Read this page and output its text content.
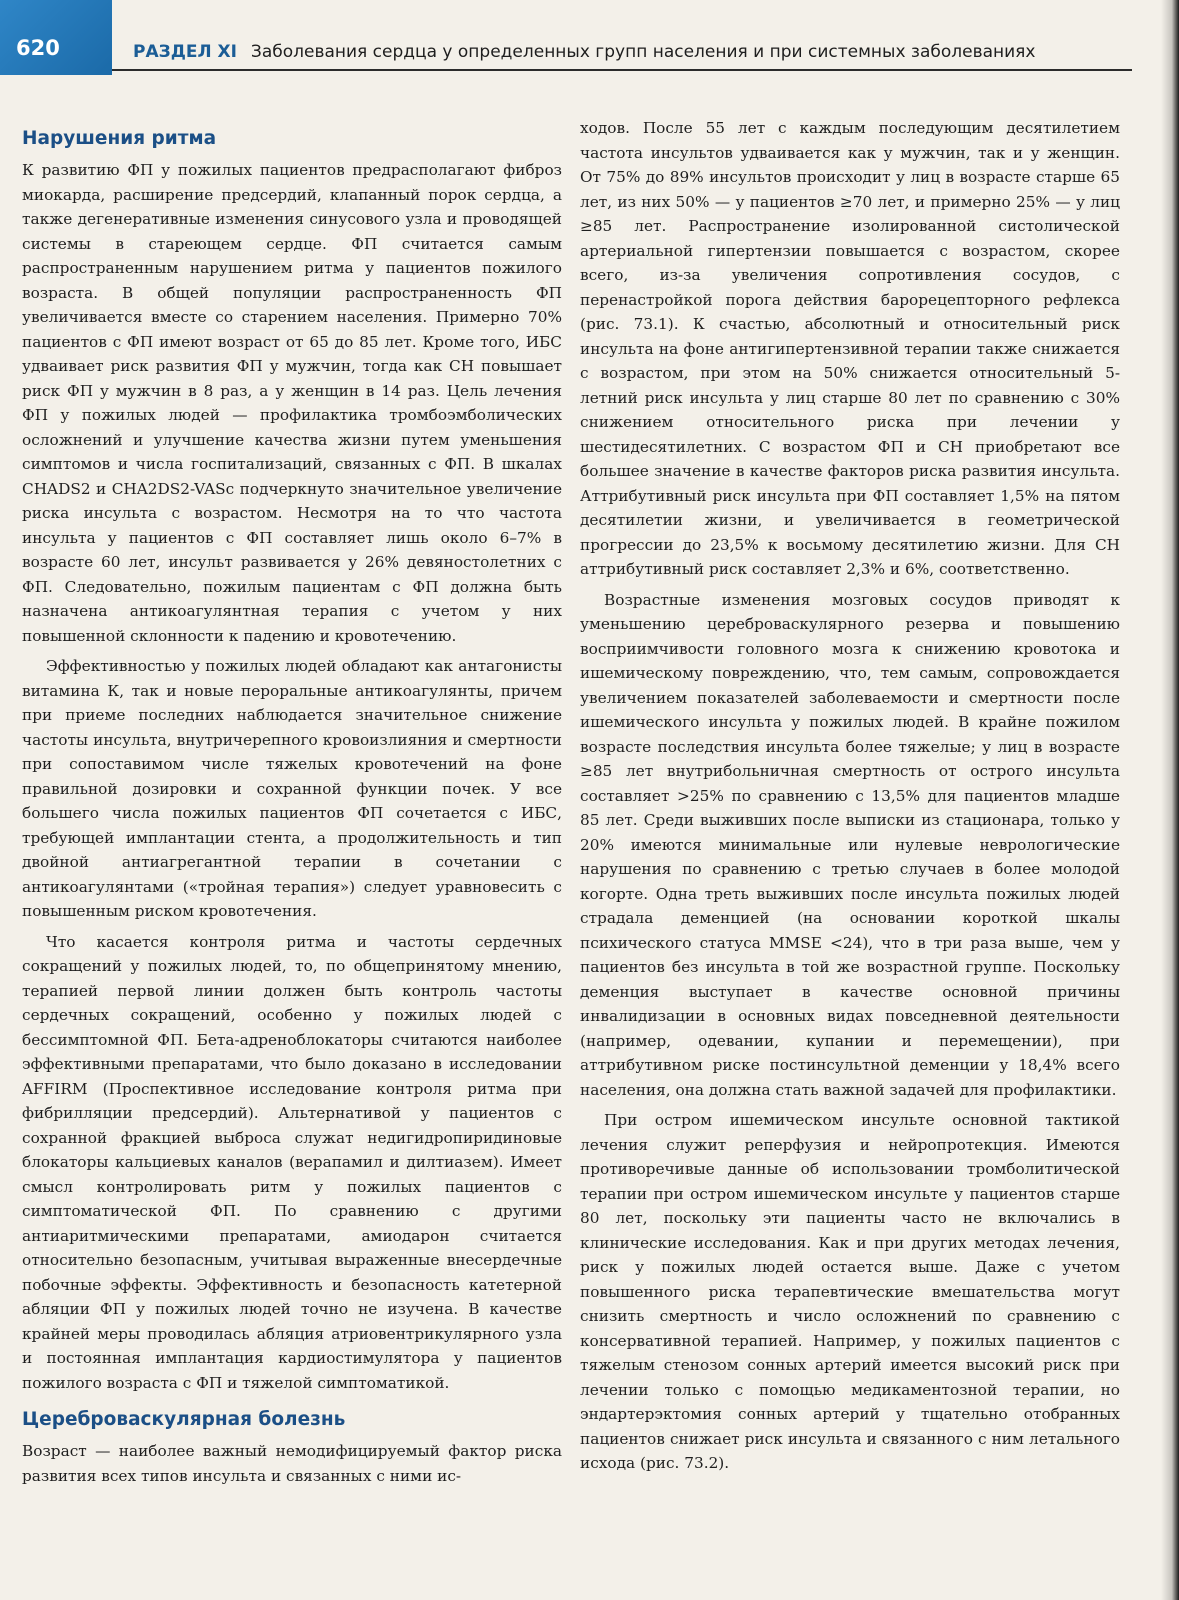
620	РАЗДЕЛ XI Заболевания сердца у определенных групп населения и при системных заболеваниях
Нарушения ритма

К развитию ФП у пожилых пациентов предрасполагают фиброз миокарда, расширение предсердий, клапанный порок сердца, а также дегенеративные изменения синусового узла и проводящей системы в стареющем сердце. ФП считается самым распространенным нарушением ритма у пациентов пожилого возраста. В общей популяции распространенность ФП увеличивается вместе со старением населения. Примерно 70% пациентов с ФП имеют возраст от 65 до 85 лет. Кроме того, ИБС удваивает риск развития ФП у мужчин, тогда как СН повышает риск ФП у мужчин в 8 раз, а у женщин в 14 раз. Цель лечения ФП у пожилых людей — профилактика тромбоэмболических осложнений и улучшение качества жизни путем уменьшения симптомов и числа госпитализаций, связанных с ФП. В шкалах CHADS2 и CHA2DS2-VASc подчеркнуто значительное увеличение риска инсульта с возрастом. Несмотря на то что частота инсульта у пациентов с ФП составляет лишь около 6–7% в возрасте 60 лет, инсульт развивается у 26% девяностолетних с ФП. Следовательно, пожилым пациентам с ФП должна быть назначена антикоагулянтная терапия с учетом у них повышенной склонности к падению и кровотечению.

Эффективностью у пожилых людей обладают как антагонисты витамина К, так и новые пероральные антикоагулянты, причем при приеме последних наблюдается значительное снижение частоты инсульта, внутричерепного кровоизлияния и смертности при сопоставимом числе тяжелых кровотечений на фоне правильной дозировки и сохранной функции почек. У все большего числа пожилых пациентов ФП сочетается с ИБС, требующей имплантации стента, а продолжительность и тип двойной антиагрегантной терапии в сочетании с антикоагулянтами («тройная терапия») следует уравновесить с повышенным риском кровотечения.

Что касается контроля ритма и частоты сердечных сокращений у пожилых людей, то, по общепринятому мнению, терапией первой линии должен быть контроль частоты сердечных сокращений, особенно у пожилых людей с бессимптомной ФП. Бета-адреноблокаторы считаются наиболее эффективными препаратами, что было доказано в исследовании AFFIRM (Проспективное исследование контроля ритма при фибрилляции предсердий). Альтернативой у пациентов с сохранной фракцией выброса служат недигидропиридиновые блокаторы кальциевых каналов (верапамил и дилтиазем). Имеет смысл контролировать ритм у пожилых пациентов с симптоматической ФП. По сравнению с другими антиаритмическими препаратами, амиодарон считается относительно безопасным, учитывая выраженные внесердечные побочные эффекты. Эффективность и безопасность катетерной абляции ФП у пожилых людей точно не изучена. В качестве крайней меры проводилась абляция атриовентрикулярного узла и постоянная имплантация кардиостимулятора у пациентов пожилого возраста с ФП и тяжелой симптоматикой.

Цереброваскулярная болезнь

Возраст — наиболее важный немодифицируемый фактор риска развития всех типов инсульта и связанных с ними ис-

ходов. После 55 лет с каждым последующим десятилетием частота инсультов удваивается как у мужчин, так и у женщин. От 75% до 89% инсультов происходит у лиц в возрасте старше 65 лет, из них 50% — у пациентов ≥70 лет, и примерно 25% — у лиц ≥85 лет. Распространение изолированной систолической артериальной гипертензии повышается с возрастом, скорее всего, из-за увеличения сопротивления сосудов, с перенастройкой порога действия барорецепторного рефлекса (рис. 73.1). К счастью, абсолютный и относительный риск инсульта на фоне антигипертензивной терапии также снижается с возрастом, при этом на 50% снижается относительный 5-летний риск инсульта у лиц старше 80 лет по сравнению с 30% снижением относительного риска при лечении у шестидесятилетних. С возрастом ФП и СН приобретают все большее значение в качестве факторов риска развития инсульта. Аттрибутивный риск инсульта при ФП составляет 1,5% на пятом десятилетии жизни, и увеличивается в геометрической прогрессии до 23,5% к восьмому десятилетию жизни. Для СН аттрибутивный риск составляет 2,3% и 6%, соответственно.

Возрастные изменения мозговых сосудов приводят к уменьшению цереброваскулярного резерва и повышению восприимчивости головного мозга к снижению кровотока и ишемическому повреждению, что, тем самым, сопровождается увеличением показателей заболеваемости и смертности после ишемического инсульта у пожилых людей. В крайне пожилом возрасте последствия инсульта более тяжелые; у лиц в возрасте ≥85 лет внутрибольничная смертность от острого инсульта составляет >25% по сравнению с 13,5% для пациентов младше 85 лет. Среди выживших после выписки из стационара, только у 20% имеются минимальные или нулевые неврологические нарушения по сравнению с третью случаев в более молодой когорте. Одна треть выживших после инсульта пожилых людей страдала деменцией (на основании короткой шкалы психического статуса MMSE <24), что в три раза выше, чем у пациентов без инсульта в той же возрастной группе. Поскольку деменция выступает в качестве основной причины инвалидизации в основных видах повседневной деятельности (например, одевании, купании и перемещении), при аттрибутивном риске постинсультной деменции у 18,4% всего населения, она должна стать важной задачей для профилактики.

При остром ишемическом инсульте основной тактикой лечения служит реперфузия и нейропротекция. Имеются противоречивые данные об использовании тромболитической терапии при остром ишемическом инсульте у пациентов старше 80 лет, поскольку эти пациенты часто не включались в клинические исследования. Как и при других методах лечения, риск у пожилых людей остается выше. Даже с учетом повышенного риска терапевтические вмешательства могут снизить смертность и число осложнений по сравнению с консервативной терапией. Например, у пожилых пациентов с тяжелым стенозом сонных артерий имеется высокий риск при лечении только с помощью медикаментозной терапии, но эндартерэктомия сонных артерий у тщательно отобранных пациентов снижает риск инсульта и связанного с ним летального исхода (рис. 73.2).
